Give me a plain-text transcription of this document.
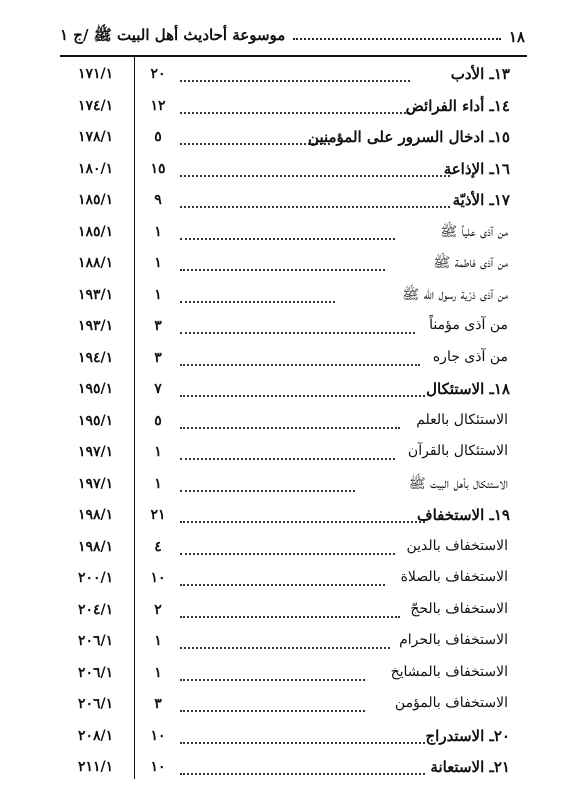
١٨
موسوعة أحاديث أهل البيت ﷺ /ج ١
١٧١/١	٢٠	١٣ـ الأدب
١٧٤/١	١٢	١٤ـ أداء الفرائض
١٧٨/١	٥	١٥ـ ادخال السرور على المؤمنين
١٨٠/١	١٥	١٦ـ الإذاعة
١٨٥/١	٩	١٧ـ الأذيّة
١٨٥/١	١	من آذى علياً ﷺ
١٨٨/١	١	من آذى فاطمة ﷺ
١٩٣/١	١	من آذى ذرّية رسول الله ﷺ
١٩٣/١	٣	من آذى مؤمناً
١٩٤/١	٣	من آذى جاره
١٩٥/١	٧	١٨ـ الاستئكال
١٩٥/١	٥	الاستئكال بالعلم
١٩٧/١	١	الاستئكال بالقرآن
١٩٧/١	١	الاستئكال بأهل البيت ﷺ
١٩٨/١	٢١	١٩ـ الاستخفاف
١٩٨/١	٤	الاستخفاف بالدين
٢٠٠/١	١٠	الاستخفاف بالصلاة
٢٠٤/١	٢	الاستخفاف بالحجّ
٢٠٦/١	١	الاستخفاف بالحرام
٢٠٦/١	١	الاستخفاف بالمشايخ
٢٠٦/١	٣	الاستخفاف بالمؤمن
٢٠٨/١	١٠	٢٠ـ الاستدراج
٢١١/١	١٠	٢١ـ الاستعانة
